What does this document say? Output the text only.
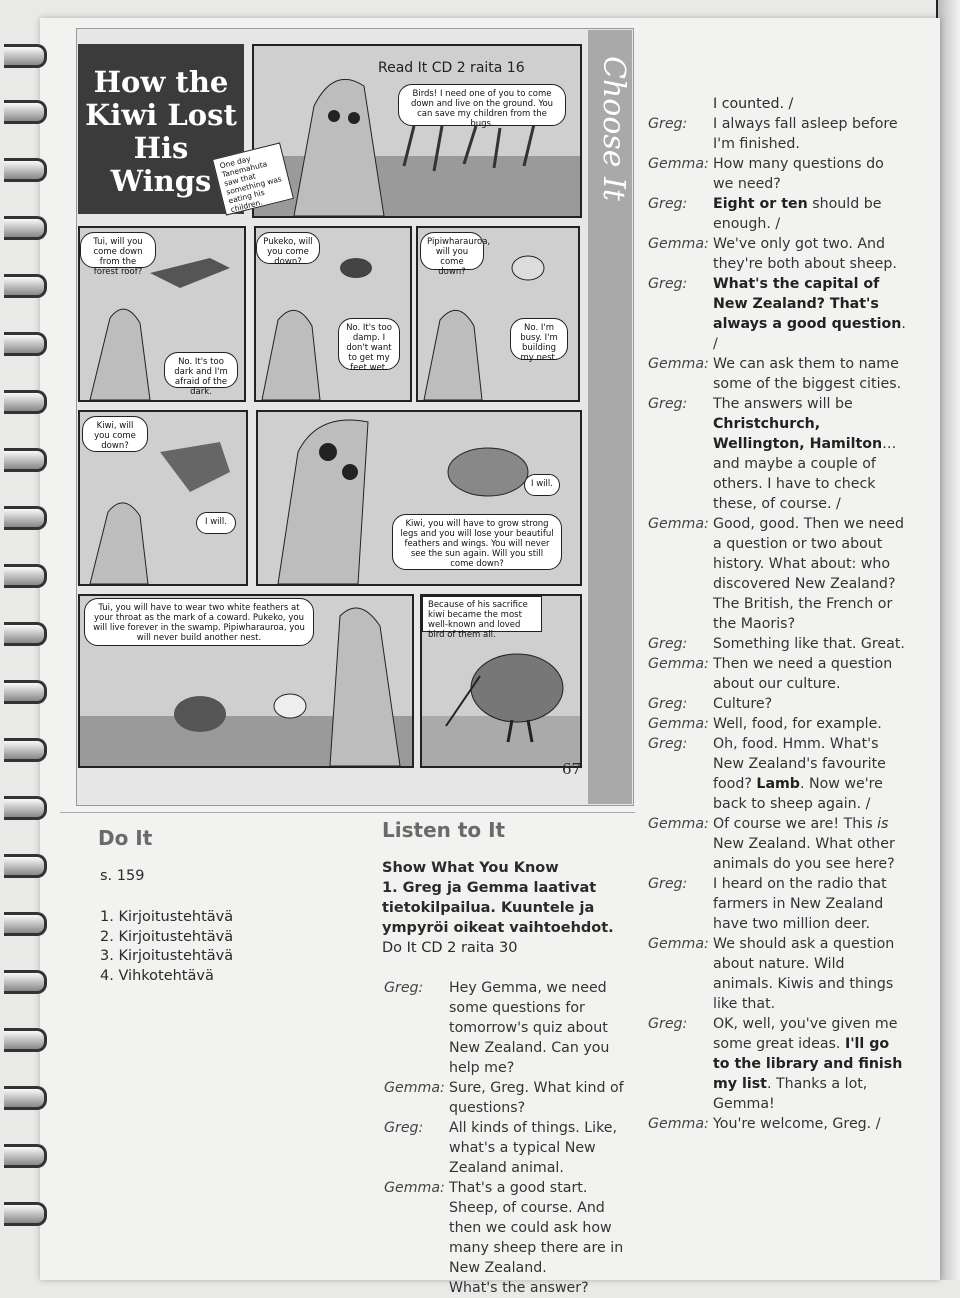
Choose It
How the
Kiwi Lost
His
Wings
Read It CD 2 raita 16
Birds! I need one of you to come down and live on the ground. You can save my children from the bugs.
One day Tanemahuta saw that something was eating his children.
Tui, will you come down from the forest roof?
No. It's too dark and I'm afraid of the dark.
Pukeko, will you come down?
No. It's too damp. I don't want to get my feet wet.
Pipiwharauroa, will you come down?
No. I'm busy. I'm building my nest.
Kiwi, will you come down?
I will.
I will.
Kiwi, you will have to grow strong legs and you will lose your beautiful feathers and wings. You will never see the sun again. Will you still come down?
Tui, you will have to wear two white feathers at your throat as the mark of a coward. Pukeko, you will live forever in the swamp. Pipiwharauroa, you will never build another nest.
Because of his sacrifice kiwi became the most well-known and loved bird of them all.
67
I counted. /
Greg:	I always fall asleep before I'm finished.
Gemma: How many questions do we need?
Greg:	Eight or ten should be enough. /
Gemma: We've only got two. And they're both about sheep.
Greg:	What's the capital of New Zealand? That's always a good question. /
Gemma: We can ask them to name some of the biggest cities.
Greg:	The answers will be Christchurch, Wellington, Hamilton… and maybe a couple of others. I have to check these, of course. /
Gemma: Good, good. Then we need a question or two about history. What about: who discovered New Zealand? The British, the French or the Maoris?
Greg:	Something like that. Great.
Gemma: Then we need a question about our culture.
Greg:	Culture?
Gemma: Well, food, for example.
Greg:	Oh, food. Hmm. What's New Zealand's favourite food? Lamb. Now we're back to sheep again. /
Gemma: Of course we are! This is New Zealand. What other animals do you see here?
Greg:	I heard on the radio that farmers in New Zealand have two million deer.
Gemma: We should ask a question about nature. Wild animals. Kiwis and things like that.
Greg:	OK, well, you've given me some great ideas. I'll go to the library and finish my list. Thanks a lot, Gemma!
Gemma: You're welcome, Greg. /
Do It
s. 159
1. Kirjoitustehtävä
2. Kirjoitustehtävä
3. Kirjoitustehtävä
4. Vihkotehtävä
Listen to It
Show What You Know
1. Greg ja Gemma laativat tietokilpailua. Kuuntele ja ympyröi oikeat vaihtoehdot.
Do It CD 2 raita 30
Greg:	Hey Gemma, we need some questions for tomorrow's quiz about New Zealand. Can you help me?
Gemma: Sure, Greg. What kind of questions?
Greg:	All kinds of things. Like, what's a typical New Zealand animal.
Gemma: That's a good start. Sheep, of course. And then we could ask how many sheep there are in New Zealand.
What's the answer?
